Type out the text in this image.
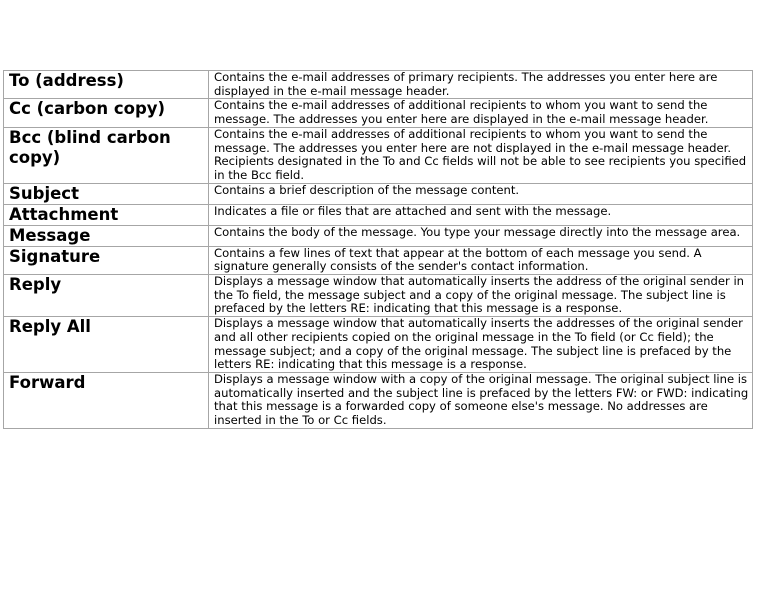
To (address)	Contains the e-mail addresses of primary recipients. The addresses you enter here are displayed in the e-mail message header.
Cc (carbon copy)	Contains the e-mail addresses of additional recipients to whom you want to send the message. The addresses you enter here are displayed in the e-mail message header.
Bcc (blind carbon copy)	Contains the e-mail addresses of additional recipients to whom you want to send the message. The addresses you enter here are not displayed in the e-mail message header. Recipients designated in the To and Cc fields will not be able to see recipients you specified in the Bcc field.
Subject	Contains a brief description of the message content.
Attachment	Indicates a file or files that are attached and sent with the message.
Message	Contains the body of the message. You type your message directly into the message area.
Signature	Contains a few lines of text that appear at the bottom of each message you send. A signature generally consists of the sender's contact information.
Reply	Displays a message window that automatically inserts the address of the original sender in the To field, the message subject and a copy of the original message. The subject line is prefaced by the letters RE: indicating that this message is a response.
Reply All	Displays a message window that automatically inserts the addresses of the original sender and all other recipients copied on the original message in the To field (or Cc field); the message subject; and a copy of the original message. The subject line is prefaced by the letters RE: indicating that this message is a response.
Forward	Displays a message window with a copy of the original message. The original subject line is automatically inserted and the subject line is prefaced by the letters FW: or FWD: indicating that this message is a forwarded copy of someone else's message. No addresses are inserted in the To or Cc fields.
